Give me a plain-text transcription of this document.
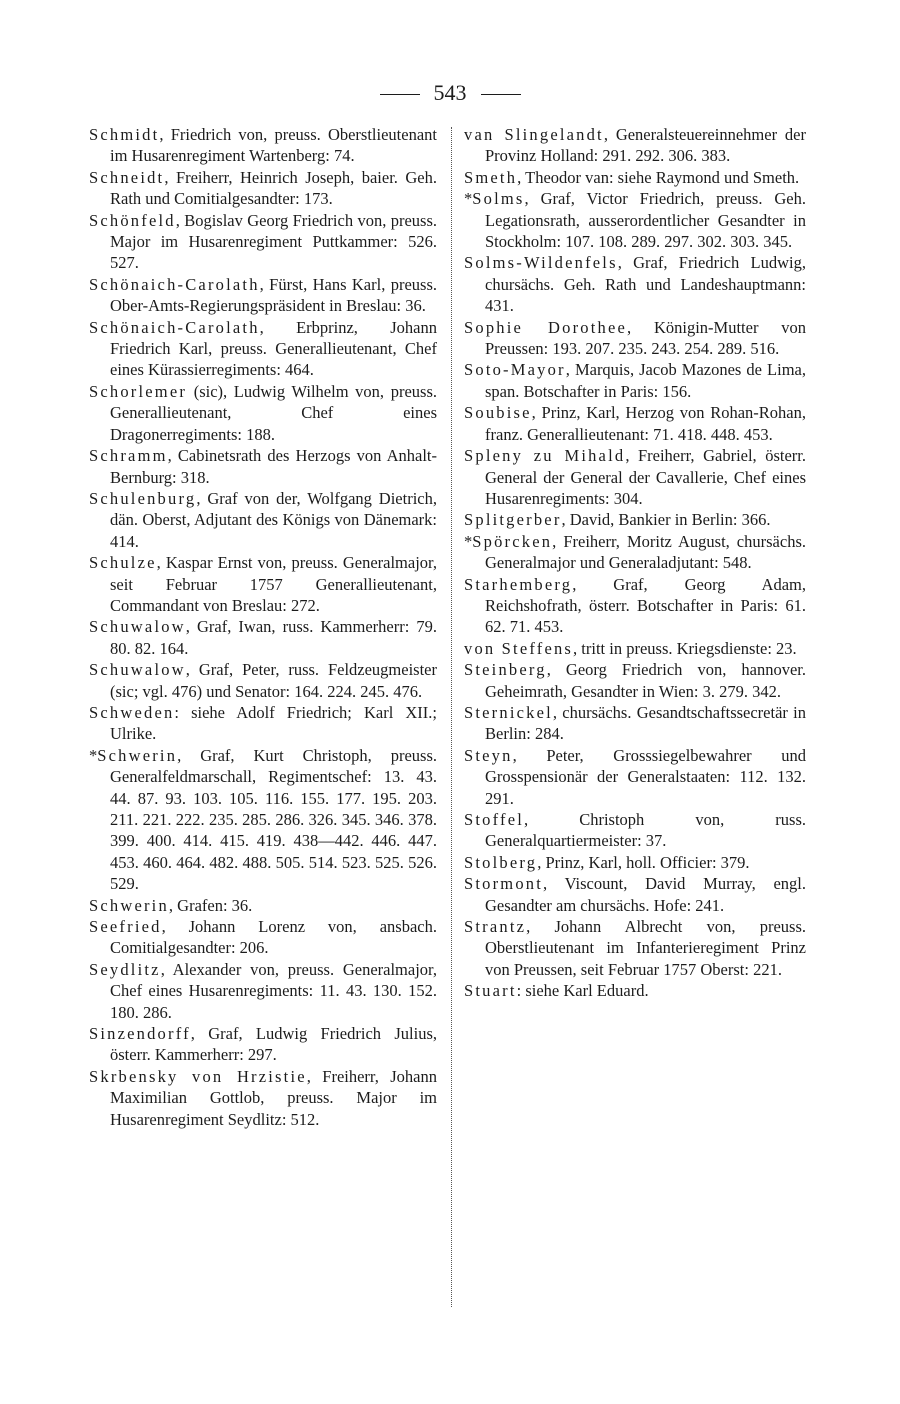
543

Schmidt, Friedrich von, preuss. Oberstlieutenant im Husarenregiment Wartenberg: 74.

Schneidt, Freiherr, Heinrich Joseph, baier. Geh. Rath und Comitialgesandter: 173.

Schönfeld, Bogislav Georg Friedrich von, preuss. Major im Husarenregiment Puttkammer: 526. 527.

Schönaich-Carolath, Fürst, Hans Karl, preuss. Ober-Amts-Regierungspräsident in Breslau: 36.

Schönaich-Carolath, Erbprinz, Johann Friedrich Karl, preuss. Generallieutenant, Chef eines Kürassierregiments: 464.

Schorlemer (sic), Ludwig Wilhelm von, preuss. Generallieutenant, Chef eines Dragonerregiments: 188.

Schramm, Cabinetsrath des Herzogs von Anhalt-Bernburg: 318.

Schulenburg, Graf von der, Wolfgang Dietrich, dän. Oberst, Adjutant des Königs von Dänemark: 414.

Schulze, Kaspar Ernst von, preuss. Generalmajor, seit Februar 1757 Generallieutenant, Commandant von Breslau: 272.

Schuwalow, Graf, Iwan, russ. Kammerherr: 79. 80. 82. 164.

Schuwalow, Graf, Peter, russ. Feldzeugmeister (sic; vgl. 476) und Senator: 164. 224. 245. 476.

Schweden: siehe Adolf Friedrich; Karl XII.; Ulrike.

*Schwerin, Graf, Kurt Christoph, preuss. Generalfeldmarschall, Regimentschef: 13. 43. 44. 87. 93. 103. 105. 116. 155. 177. 195. 203. 211. 221. 222. 235. 285. 286. 326. 345. 346. 378. 399. 400. 414. 415. 419. 438—442. 446. 447. 453. 460. 464. 482. 488. 505. 514. 523. 525. 526. 529.

Schwerin, Grafen: 36.

Seefried, Johann Lorenz von, ansbach. Comitialgesandter: 206.

Seydlitz, Alexander von, preuss. Generalmajor, Chef eines Husarenregiments: 11. 43. 130. 152. 180. 286.

Sinzendorff, Graf, Ludwig Friedrich Julius, österr. Kammerherr: 297.

Skrbensky von Hrzistie, Freiherr, Johann Maximilian Gottlob, preuss. Major im Husarenregiment Seydlitz: 512.

van Slingelandt, Generalsteuereinnehmer der Provinz Holland: 291. 292. 306. 383.

Smeth, Theodor van: siehe Raymond und Smeth.

*Solms, Graf, Victor Friedrich, preuss. Geh. Legationsrath, ausserordentlicher Gesandter in Stockholm: 107. 108. 289. 297. 302. 303. 345.

Solms-Wildenfels, Graf, Friedrich Ludwig, chursächs. Geh. Rath und Landeshauptmann: 431.

Sophie Dorothee, Königin-Mutter von Preussen: 193. 207. 235. 243. 254. 289. 516.

Soto-Mayor, Marquis, Jacob Mazones de Lima, span. Botschafter in Paris: 156.

Soubise, Prinz, Karl, Herzog von Rohan-Rohan, franz. Generallieutenant: 71. 418. 448. 453.

Spleny zu Mihald, Freiherr, Gabriel, österr. General der General der Cavallerie, Chef eines Husarenregiments: 304.

Splitgerber, David, Bankier in Berlin: 366.

*Spörcken, Freiherr, Moritz August, chursächs. Generalmajor und Generaladjutant: 548.

Starhemberg, Graf, Georg Adam, Reichshofrath, österr. Botschafter in Paris: 61. 62. 71. 453.

von Steffens, tritt in preuss. Kriegsdienste: 23.

Steinberg, Georg Friedrich von, hannover. Geheimrath, Gesandter in Wien: 3. 279. 342.

Sternickel, chursächs. Gesandtschaftssecretär in Berlin: 284.

Steyn, Peter, Grosssiegelbewahrer und Grosspensionär der Generalstaaten: 112. 132. 291.

Stoffel, Christoph von, russ. Generalquartiermeister: 37.

Stolberg, Prinz, Karl, holl. Officier: 379.

Stormont, Viscount, David Murray, engl. Gesandter am chursächs. Hofe: 241.

Strantz, Johann Albrecht von, preuss. Oberstlieutenant im Infanterieregiment Prinz von Preussen, seit Februar 1757 Oberst: 221.

Stuart: siehe Karl Eduard.
